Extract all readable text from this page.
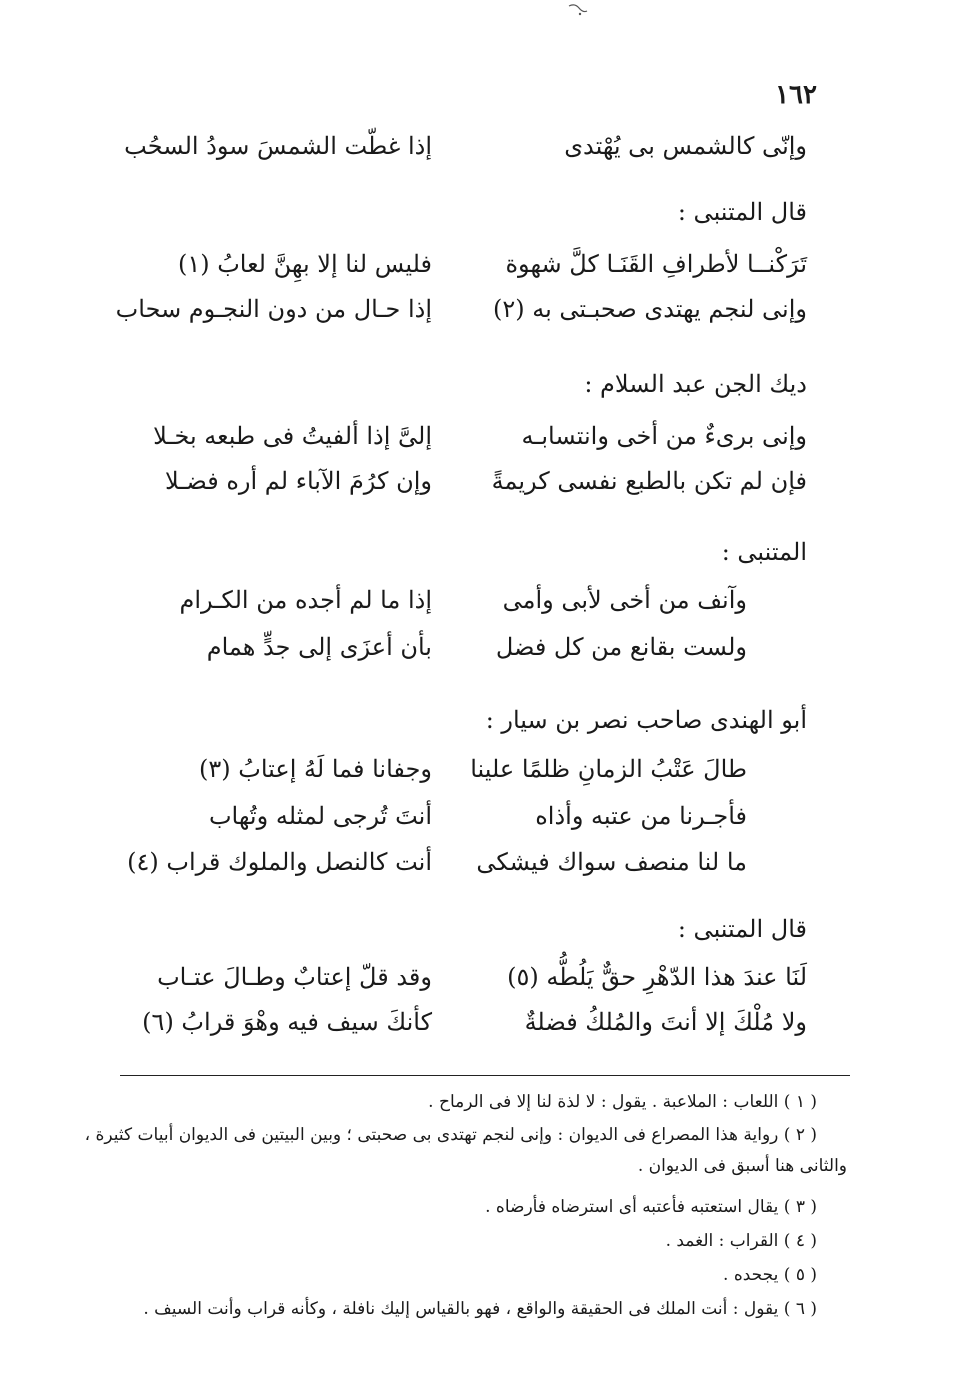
١٦٢
وإنّى كالشمس بى يُهْتدى
إذا غطّت الشمسَ سودُ السحُب
قال المتنبى :
تَرَكْنــا لأطرافِ القَنَـا كلَّ شهوة
فليس لنا إلا بهِنَّ لعابُ (١)
وإنى لنجم يهتدى صحبـتى به (٢)
إذا حـال من دون النجـوم سحاب
ديك الجن عبد السلام :
وإنى برىءٌ من أخى وانتسابـه
إلىَّ إذا ألفيتُ فى طبعه بخـلا
فإن لم تكن بالطبع نفسى كريمةً
وإن كرُمَ الآباء لم أره فضـلا
المتنبى :
وآنف من أخى لأبى وأمى
إذا ما لم أجده من الكـرام
ولست بقانع من كل فضل
بأن أعزَى إلى جدٍّ همام
أبو الهندى صاحب نصر بن سيار :
طالَ عَتْبُ الزمانِ ظلمًا علينا
وجفانا فما لَهُ إعتابُ (٣)
فأجـرنا من عتبه وأذاه
أنتَ تُرجى لمثله وتُهاب
ما لنا منصف سواك فيشكى
أنت كالنصل والملوك قراب (٤)
قال المتنبى :
لَنَا عندَ هذا الدّهْرِ حقٌّ يَلُطُّه (٥)
وقد قلّ إعتابٌ وطـالَ عتـاب
ولا مُلْكَ إلا أنتَ والمُلكُ فضلةٌ
كأنكَ سيف فيه وهْوَ قرابُ (٦)
( ١ ) اللعاب : الملاعبة . يقول : لا لذة لنا إلا فى الرماح .
( ٢ ) رواية هذا المصراع فى الديوان : وإنى لنجم تهتدى بى صحبتى ؛ وبين البيتين فى الديوان أبيات كثيرة ،
والثانى هنا أسبق فى الديوان .
( ٣ ) يقال استعتبه فأعتبه أى استرضاه فأرضاه .
( ٤ ) القراب : الغمد .
( ٥ ) يجحده .
( ٦ ) يقول : أنت الملك فى الحقيقة والواقع ، فهو بالقياس إليك نافلة ، وكأنه قراب وأنت السيف .
